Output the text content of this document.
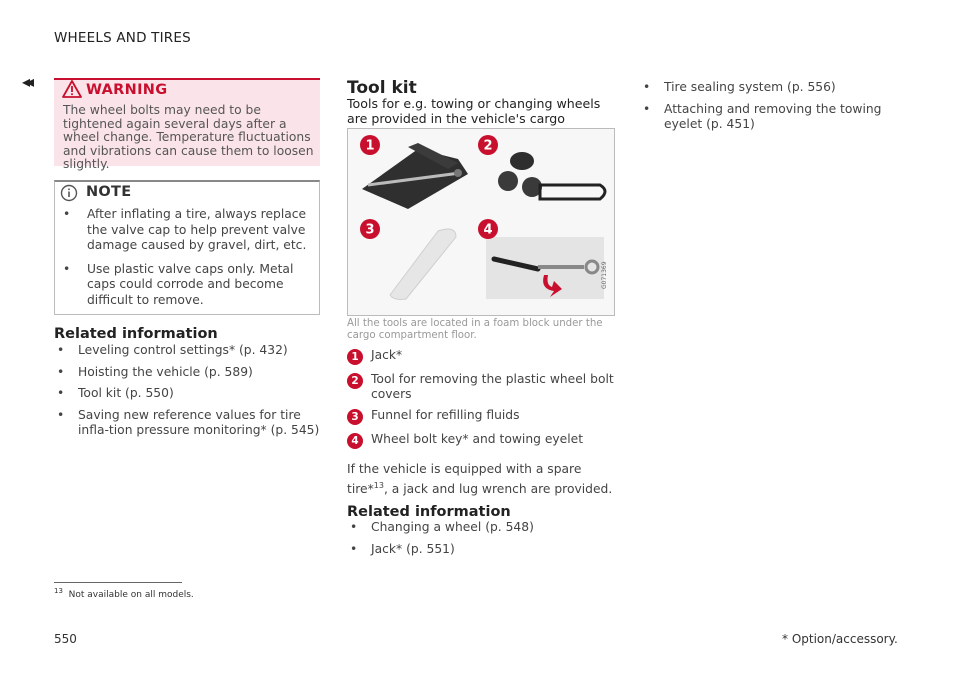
WHEELS AND TIRES
◂◂	WARNING
The wheel bolts may need to be tightened again several days after a wheel change. Temperature fluctuations and vibrations can cause them to loosen slightly.
NOTE
• After inflating a tire, always replace the valve cap to help prevent valve damage caused by gravel, dirt, etc.
• Use plastic valve caps only. Metal caps could corrode and become difficult to remove.
Related information
• Leveling control settings* (p. 432)
• Hoisting the vehicle (p. 589)
• Tool kit (p. 550)
• Saving new reference values for tire infla-tion pressure monitoring* (p. 545)
Tool kit
Tools for e.g. towing or changing wheels are provided in the vehicle's cargo
1	2
3	4
G071369
All the tools are located in a foam block under the cargo compartment floor.
1	Jack*
2	Tool for removing the plastic wheel bolt covers
3	Funnel for refilling fluids
4	Wheel bolt key* and towing eyelet
If the vehicle is equipped with a spare tire*$^{13}$, a jack and lug wrench are provided.
Related information
• Changing a wheel (p. 548)
• Jack* (p. 551)
• Tire sealing system (p. 556)
• Attaching and removing the towing eyelet (p. 451)
$^{13}$ Not available on all models.
550	* Option/accessory.
